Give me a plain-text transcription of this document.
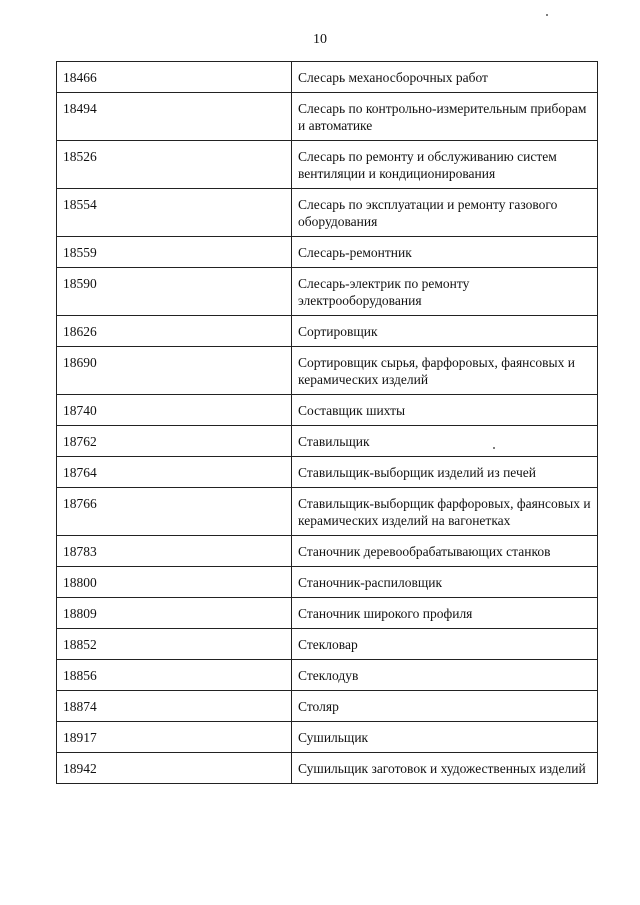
10
18466	Слесарь механосборочных работ
18494	Слесарь по контрольно-измерительным приборам и автоматике
18526	Слесарь по ремонту и обслуживанию систем вентиляции и кондиционирования
18554	Слесарь по эксплуатации и ремонту газового оборудования
18559	Слесарь-ремонтник
18590	Слесарь-электрик по ремонту электрооборудования
18626	Сортировщик
18690	Сортировщик сырья, фарфоровых, фаянсовых и керамических изделий
18740	Составщик шихты
18762	Ставильщик
18764	Ставильщик-выборщик изделий из печей
18766	Ставильщик-выборщик фарфоровых, фаянсовых и керамических изделий на вагонетках
18783	Станочник деревообрабатывающих станков
18800	Станочник-распиловщик
18809	Станочник широкого профиля
18852	Стекловар
18856	Стеклодув
18874	Столяр
18917	Сушильщик
18942	Сушильщик заготовок и художественных изделий
